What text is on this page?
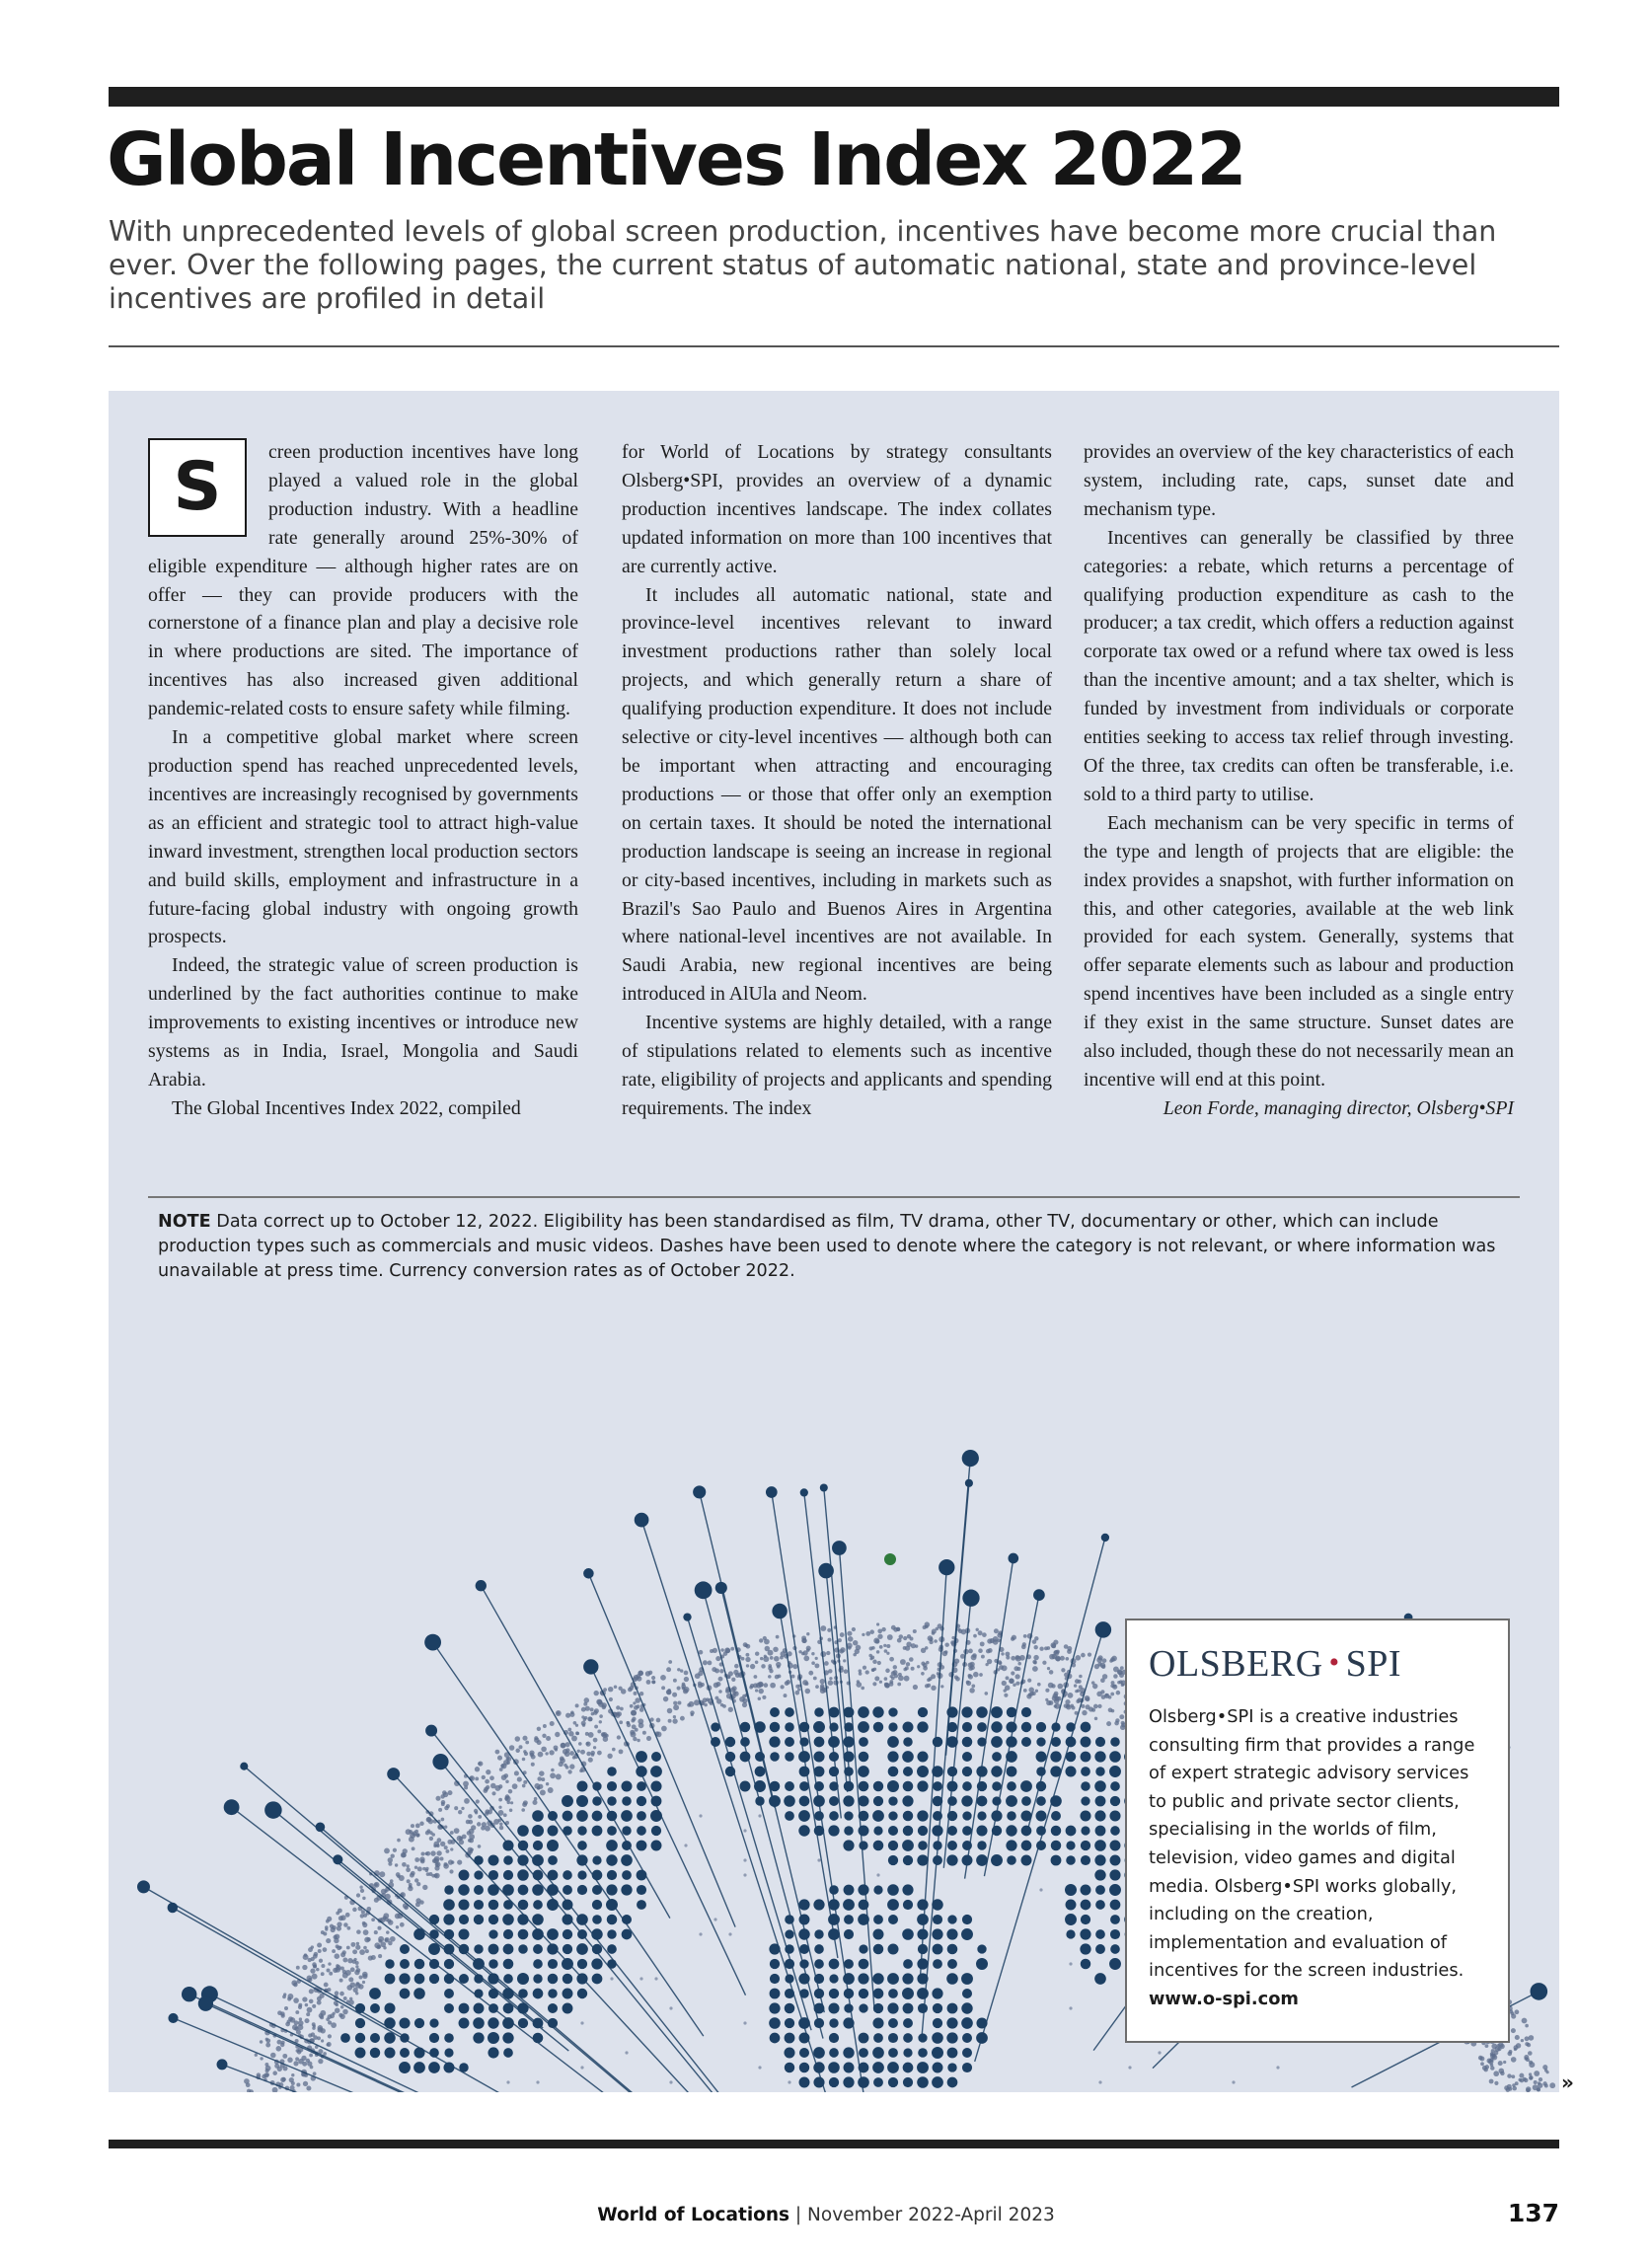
Global Incentives Index 2022

With unprecedented levels of global screen production, incentives have become more crucial than ever. Over the following pages, the current status of automatic national, state and province-level incentives are profiled in detail

S	creen production incentives have long played a valued role in the global production industry. With a headline rate generally around 25%-30% of eligible expenditure — although higher rates are on offer — they can provide producers with the cornerstone of a finance plan and play a decisive role in where productions are sited. The importance of incentives has also increased given additional pandemic-related costs to ensure safety while filming.

In a competitive global market where screen production spend has reached unprecedented levels, incentives are increasingly recognised by governments as an efficient and strategic tool to attract high-value inward investment, strengthen local production sectors and build skills, employment and infrastructure in a future-facing global industry with ongoing growth prospects.

Indeed, the strategic value of screen production is underlined by the fact authorities continue to make improvements to existing incentives or introduce new systems as in India, Israel, Mongolia and Saudi Arabia.

The Global Incentives Index 2022, compiled

for World of Locations by strategy consultants Olsberg•SPI, provides an overview of a dynamic production incentives landscape. The index collates updated information on more than 100 incentives that are currently active.

It includes all automatic national, state and province-level incentives relevant to inward investment productions rather than solely local projects, and which generally return a share of qualifying production expenditure. It does not include selective or city-level incentives — although both can be important when attracting and encouraging productions — or those that offer only an exemption on certain taxes. It should be noted the international production landscape is seeing an increase in regional or city-based incentives, including in markets such as Brazil's Sao Paulo and Buenos Aires in Argentina where national-level incentives are not available. In Saudi Arabia, new regional incentives are being introduced in AlUla and Neom.

Incentive systems are highly detailed, with a range of stipulations related to elements such as incentive rate, eligibility of projects and applicants and spending requirements. The index

provides an overview of the key characteristics of each system, including rate, caps, sunset date and mechanism type.

Incentives can generally be classified by three categories: a rebate, which returns a percentage of qualifying production expenditure as cash to the producer; a tax credit, which offers a reduction against corporate tax owed or a refund where tax owed is less than the incentive amount; and a tax shelter, which is funded by investment from individuals or corporate entities seeking to access tax relief through investing. Of the three, tax credits can often be transferable, i.e. sold to a third party to utilise.

Each mechanism can be very specific in terms of the type and length of projects that are eligible: the index provides a snapshot, with further information on this, and other categories, available at the web link provided for each system. Generally, systems that offer separate elements such as labour and production spend incentives have been included as a single entry if they exist in the same structure. Sunset dates are also included, though these do not necessarily mean an incentive will end at this point.

Leon Forde, managing director, Olsberg•SPI

NOTE Data correct up to October 12, 2022. Eligibility has been standardised as film, TV drama, other TV, documentary or other, which can include production types such as commercials and music videos. Dashes have been used to denote where the category is not relevant, or where information was unavailable at press time. Currency conversion rates as of October 2022.

OLSBERG • SPI

Olsberg•SPI is a creative industries consulting firm that provides a range of expert strategic advisory services to public and private sector clients, specialising in the worlds of film, television, video games and digital media. Olsberg•SPI works globally, including on the creation, implementation and evaluation of incentives for the screen industries.

www.o-spi.com

»
World of Locations | November 2022-April 2023	137
